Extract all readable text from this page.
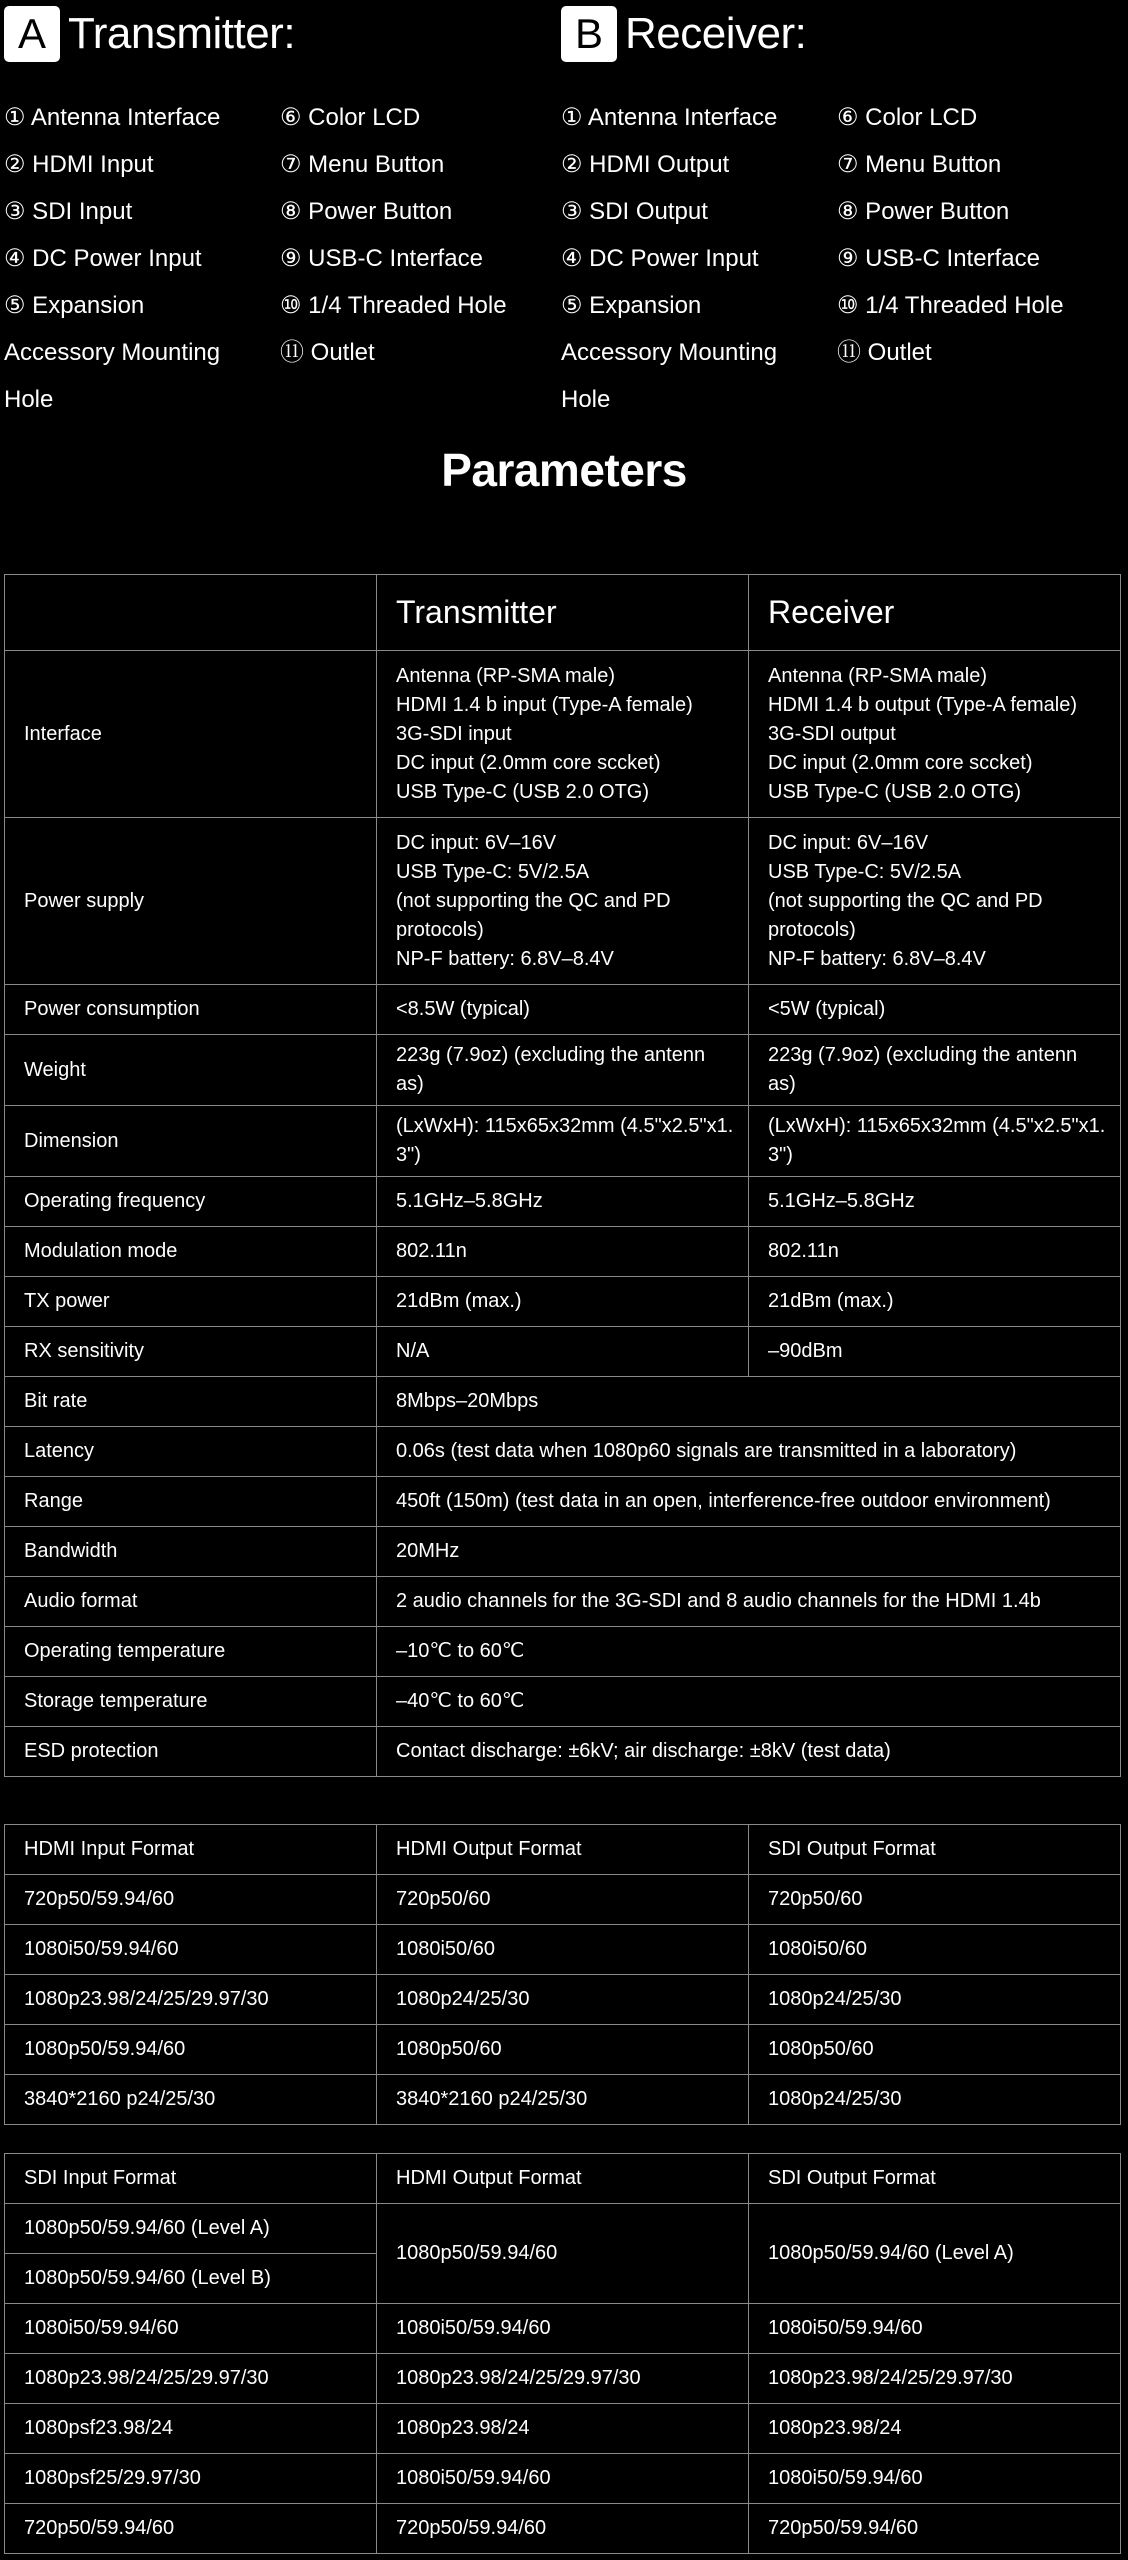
A Transmitter:
① Antenna Interface
② HDMI Input
③ SDI Input
④ DC Power Input
⑤ Expansion
Accessory Mounting
Hole
⑥ Color LCD
⑦ Menu Button
⑧ Power Button
⑨ USB-C Interface
⑩ 1/4 Threaded Hole
⑪ Outlet
B Receiver:
① Antenna Interface
② HDMI Output
③ SDI Output
④ DC Power Input
⑤ Expansion
Accessory Mounting
Hole
⑥ Color LCD
⑦ Menu Button
⑧ Power Button
⑨ USB-C Interface
⑩ 1/4 Threaded Hole
⑪ Outlet
Parameters
	Transmitter	Receiver
Interface	Antenna (RP-SMA male)
HDMI 1.4 b input (Type-A female)
3G-SDI input
DC input (2.0mm core sccket)
USB Type-C (USB 2.0 OTG)	Antenna (RP-SMA male)
HDMI 1.4 b output (Type-A female)
3G-SDI output
DC input (2.0mm core scсket)
USB Type-C (USB 2.0 OTG)
Power supply	DC input: 6V–16V
USB Type-C: 5V/2.5A
(not supporting the QC and PD
protocols)
NP-F battery: 6.8V–8.4V	DC input: 6V–16V
USB Type-C: 5V/2.5A
(not supporting the QC and PD
protocols)
NP-F battery: 6.8V–8.4V
Power consumption	<8.5W (typical)	<5W (typical)
Weight	223g (7.9oz) (excluding the antenn
as)	223g (7.9oz) (excluding the antenn
as)
Dimension	(LxWxH): 115x65x32mm (4.5"x2.5"x1.
3")	(LxWxH): 115x65x32mm (4.5"x2.5"x1.
3")
Operating frequency	5.1GHz–5.8GHz	5.1GHz–5.8GHz
Modulation mode	802.11n	802.11n
TX power	21dBm (max.)	21dBm (max.)
RX sensitivity	N/A	–90dBm
Bit rate	8Mbps–20Mbps	
Latency	0.06s (test data when 1080p60 signals are transmitted in a laboratory)	
Range	450ft (150m) (test data in an open, interference-free outdoor environment)	
Bandwidth	20MHz	
Audio format	2 audio channels for the 3G-SDI and 8 audio channels for the HDMI 1.4b	
Operating temperature	–10℃ to 60℃	
Storage temperature	–40℃ to 60℃	
ESD protection	Contact discharge: ±6kV; air discharge: ±8kV (test data)	
HDMI Input Format	HDMI Output Format	SDI Output Format
720p50/59.94/60	720p50/60	720p50/60
1080i50/59.94/60	1080i50/60	1080i50/60
1080p23.98/24/25/29.97/30	1080p24/25/30	1080p24/25/30
1080p50/59.94/60	1080p50/60	1080p50/60
3840*2160 p24/25/30	3840*2160 p24/25/30	1080p24/25/30
SDI Input Format	HDMI Output Format	SDI Output Format
1080p50/59.94/60 (Level A)	1080p50/59.94/60	1080p50/59.94/60 (Level A)
1080p50/59.94/60 (Level B)		
1080i50/59.94/60	1080i50/59.94/60	1080i50/59.94/60
1080p23.98/24/25/29.97/30	1080p23.98/24/25/29.97/30	1080p23.98/24/25/29.97/30
1080psf23.98/24	1080p23.98/24	1080p23.98/24
1080psf25/29.97/30	1080i50/59.94/60	1080i50/59.94/60
720p50/59.94/60	720p50/59.94/60	720p50/59.94/60
